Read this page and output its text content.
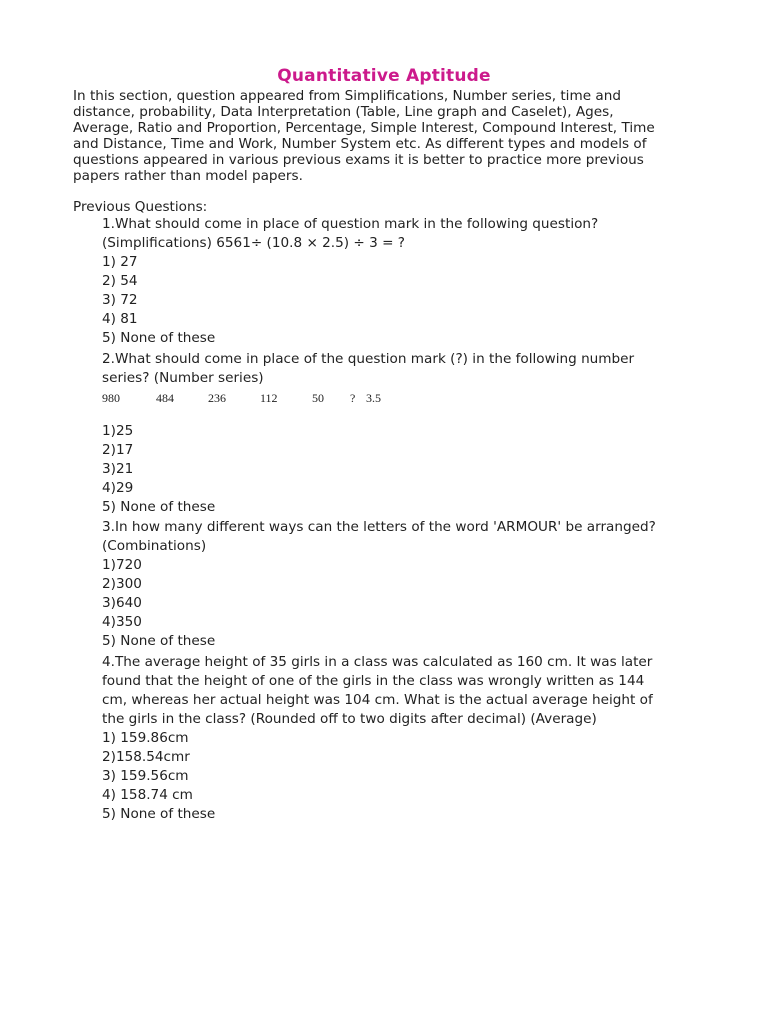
Quantitative Aptitude
In this section, question appeared from Simplifications, Number series, time and
distance, probability, Data Interpretation (Table, Line graph and Caselet), Ages,
Average, Ratio and Proportion, Percentage, Simple Interest, Compound Interest, Time
and Distance, Time and Work, Number System etc. As different types and models of
questions appeared in various previous exams it is better to practice more previous
papers rather than model papers.
Previous Questions:
1.What should come in place of question mark in the following question?
(Simplifications) 6561÷ (10.8 × 2.5) ÷ 3 = ?
1) 27
2) 54
3) 72
4) 81
5) None of these
2.What should come in place of the question mark (?) in the following number
series? (Number series)
980	484	236	112	50 ? 3.5
1)25
2)17
3)21
4)29
5) None of these
3.In how many different ways can the letters of the word 'ARMOUR' be arranged?
(Combinations)
1)720
2)300
3)640
4)350
5) None of these
4.The average height of 35 girls in a class was calculated as 160 cm. It was later
found that the height of one of the girls in the class was wrongly written as 144
cm, whereas her actual height was 104 cm. What is the actual average height of
the girls in the class? (Rounded off to two digits after decimal) (Average)
1) 159.86cm
2)158.54cmr
3) 159.56cm
4) 158.74 cm
5) None of these
